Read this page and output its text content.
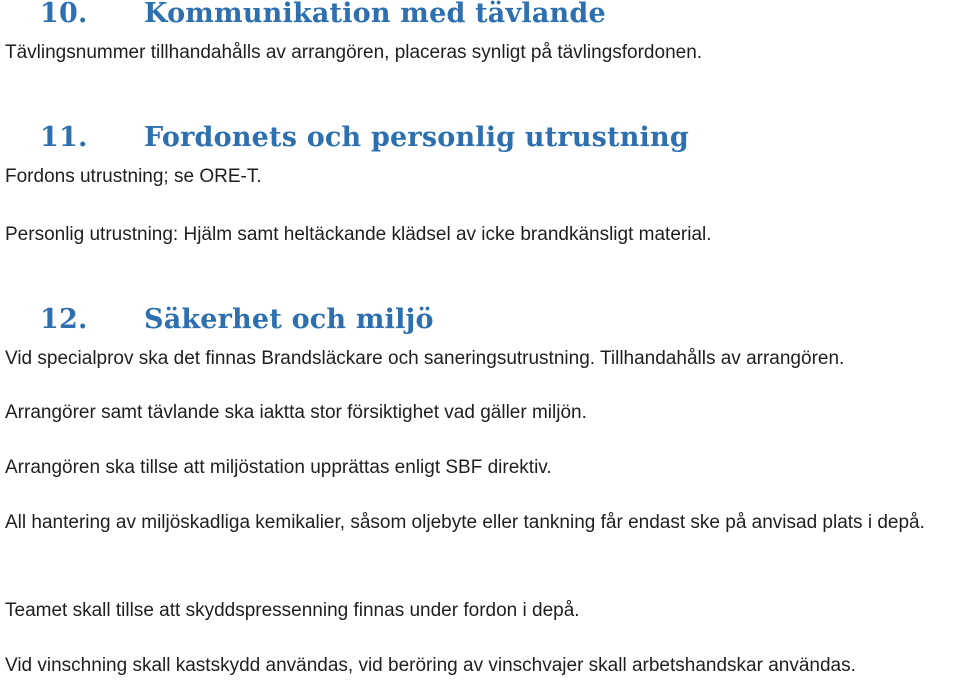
10. Kommunikation med tävlande

Tävlingsnummer tillhandahålls av arrangören, placeras synligt på tävlingsfordonen.

11. Fordonets och personlig utrustning

Fordons utrustning; se ORE-T.

Personlig utrustning: Hjälm samt heltäckande klädsel av icke brandkänsligt material.

12. Säkerhet och miljö

Vid specialprov ska det finnas Brandsläckare och saneringsutrustning. Tillhandahålls av arrangören.

Arrangörer samt tävlande ska iaktta stor försiktighet vad gäller miljön.

Arrangören ska tillse att miljöstation upprättas enligt SBF direktiv.

All hantering av miljöskadliga kemikalier, såsom oljebyte eller tankning får endast ske på anvisad plats i depå.

Teamet skall tillse att skyddspressenning finnas under fordon i depå.

Vid vinschning skall kastskydd användas, vid beröring av vinschvajer skall arbetshandskar användas.
